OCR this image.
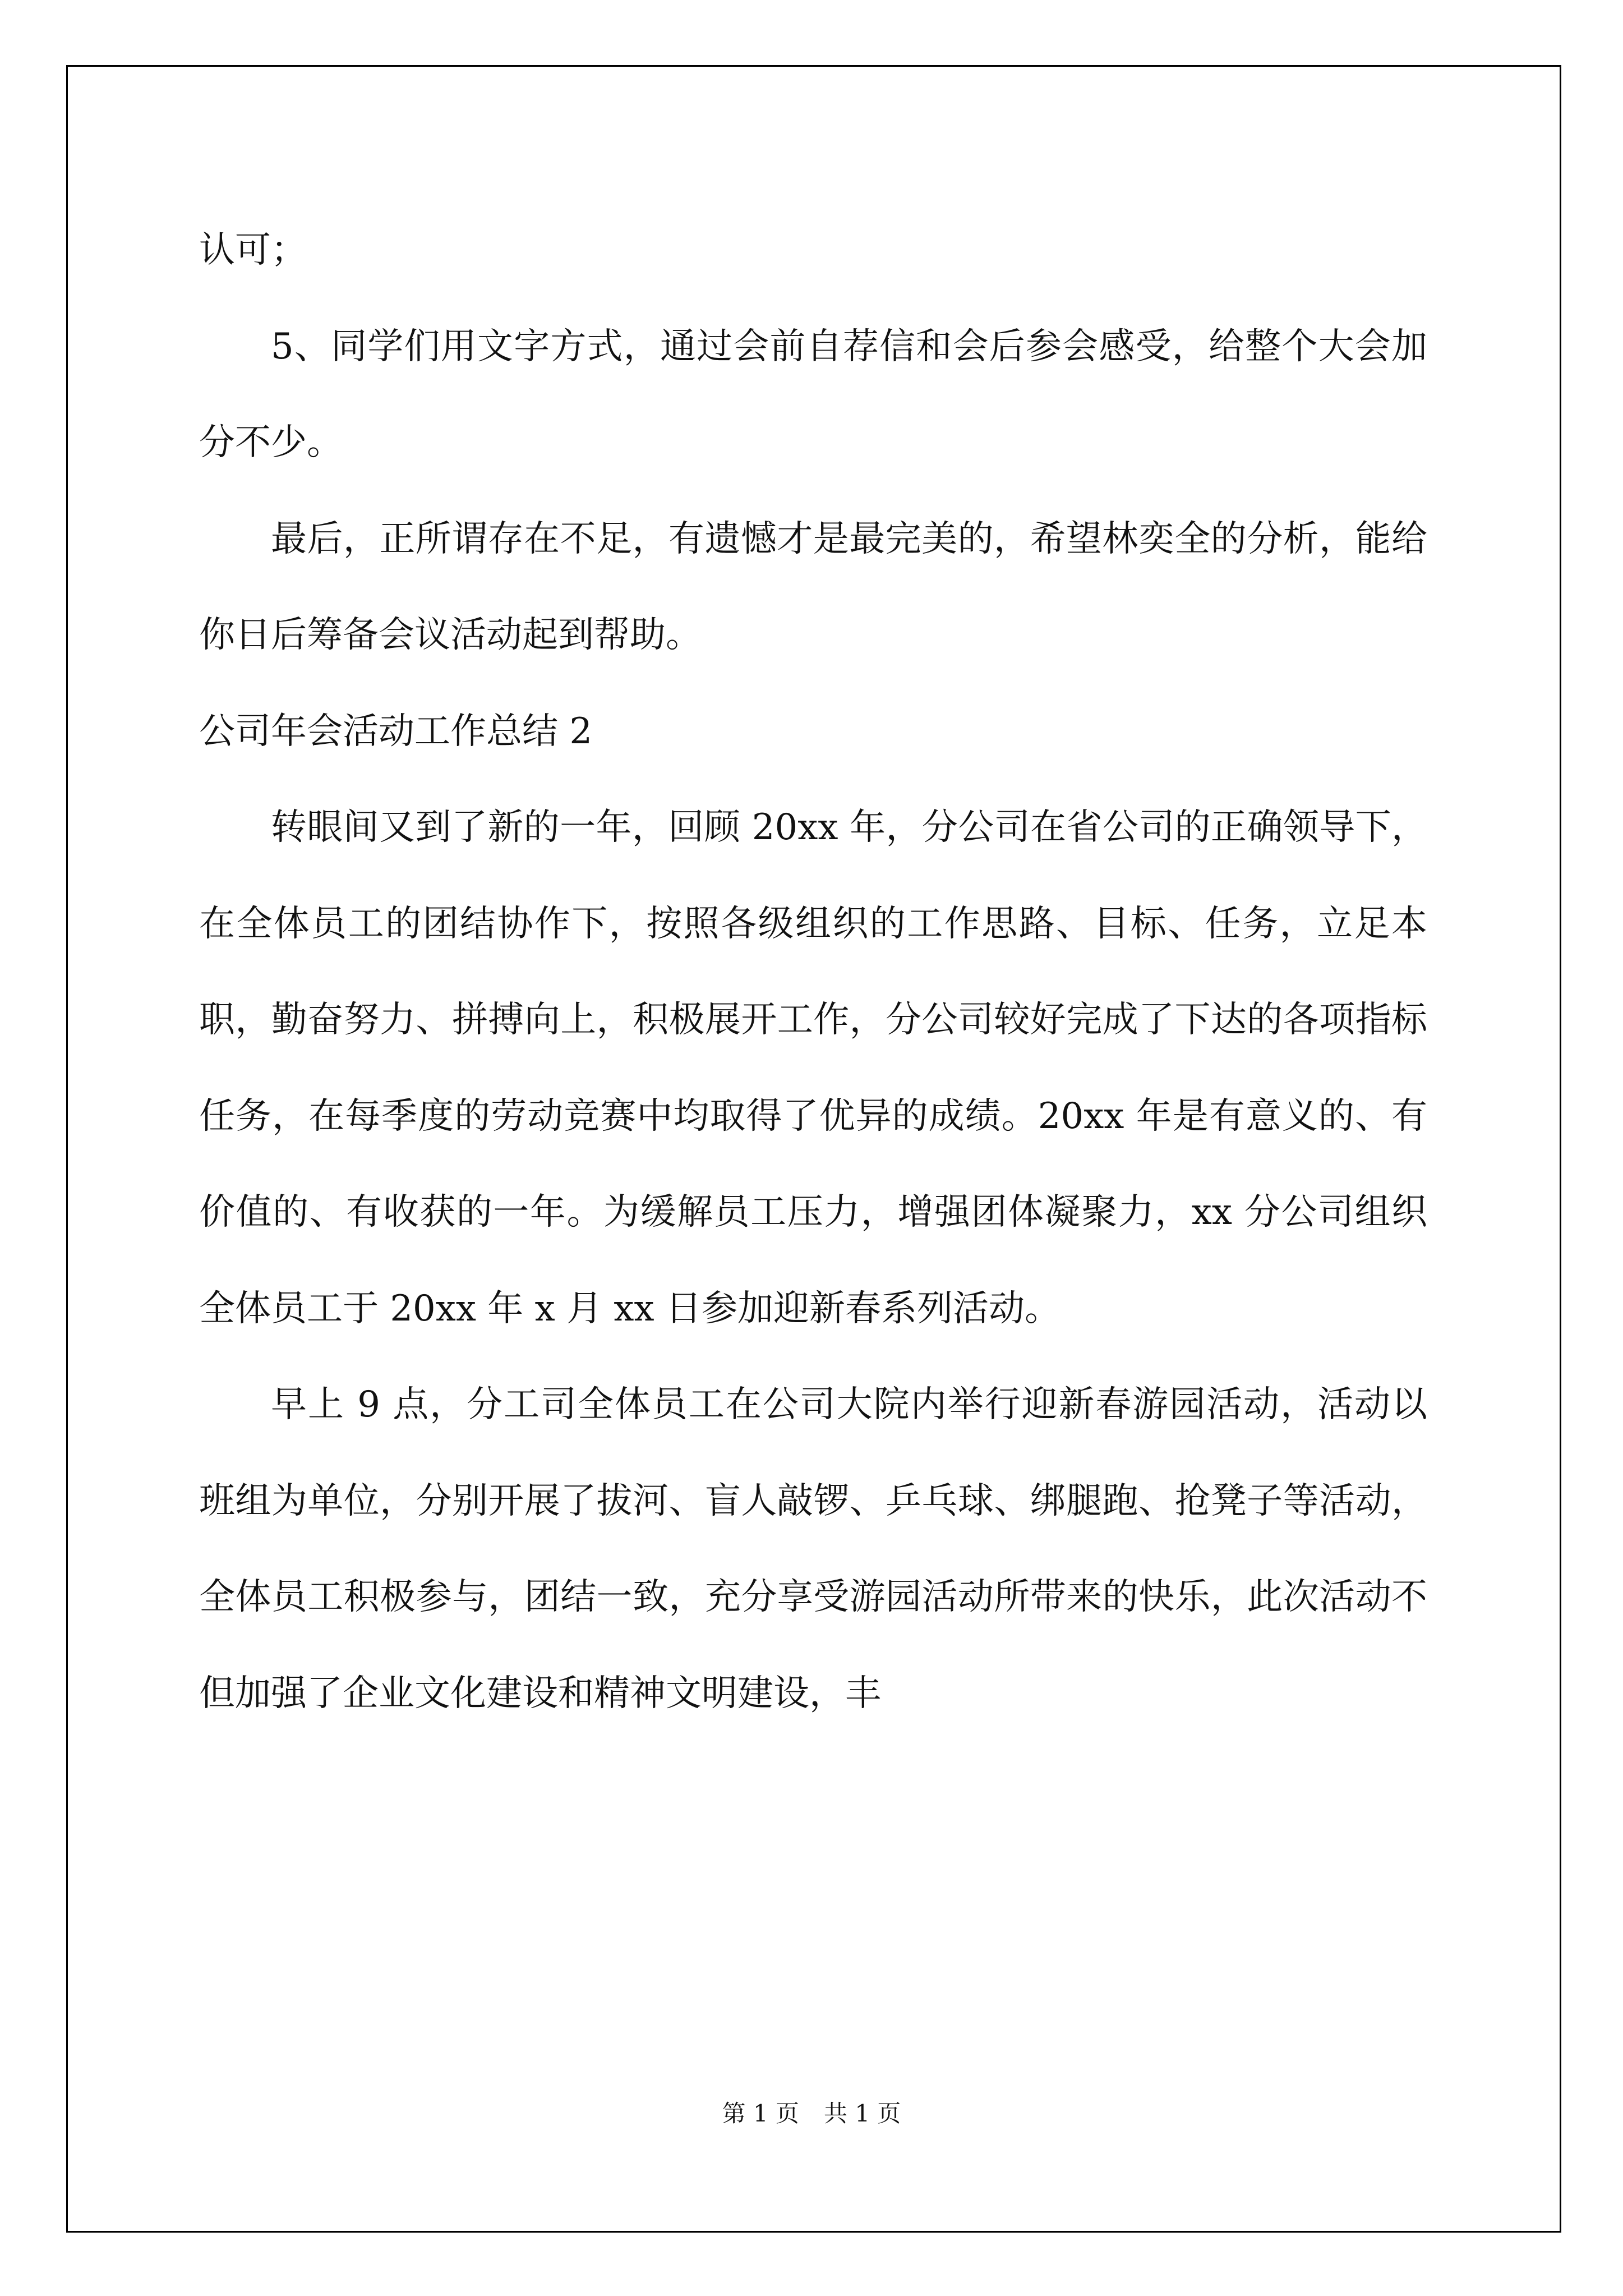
认可；

5、同学们用文字方式，通过会前自荐信和会后参会感受，给整个大会加分不少。

最后，正所谓存在不足，有遗憾才是最完美的，希望林奕全的分析，能给你日后筹备会议活动起到帮助。

公司年会活动工作总结 2

转眼间又到了新的一年，回顾 20xx 年，分公司在省公司的正确领导下，在全体员工的团结协作下，按照各级组织的工作思路、目标、任务，立足本职，勤奋努力、拼搏向上，积极展开工作，分公司较好完成了下达的各项指标任务，在每季度的劳动竞赛中均取得了优异的成绩。20xx 年是有意义的、有价值的、有收获的一年。为缓解员工压力，增强团体凝聚力，xx 分公司组织全体员工于 20xx 年 x 月 xx 日参加迎新春系列活动。

早上 9 点，分工司全体员工在公司大院内举行迎新春游园活动，活动以班组为单位，分别开展了拔河、盲人敲锣、乒乓球、绑腿跑、抢凳子等活动，全体员工积极参与，团结一致，充分享受游园活动所带来的快乐，此次活动不但加强了企业文化建设和精神文明建设，丰

第 1 页 共 1 页
